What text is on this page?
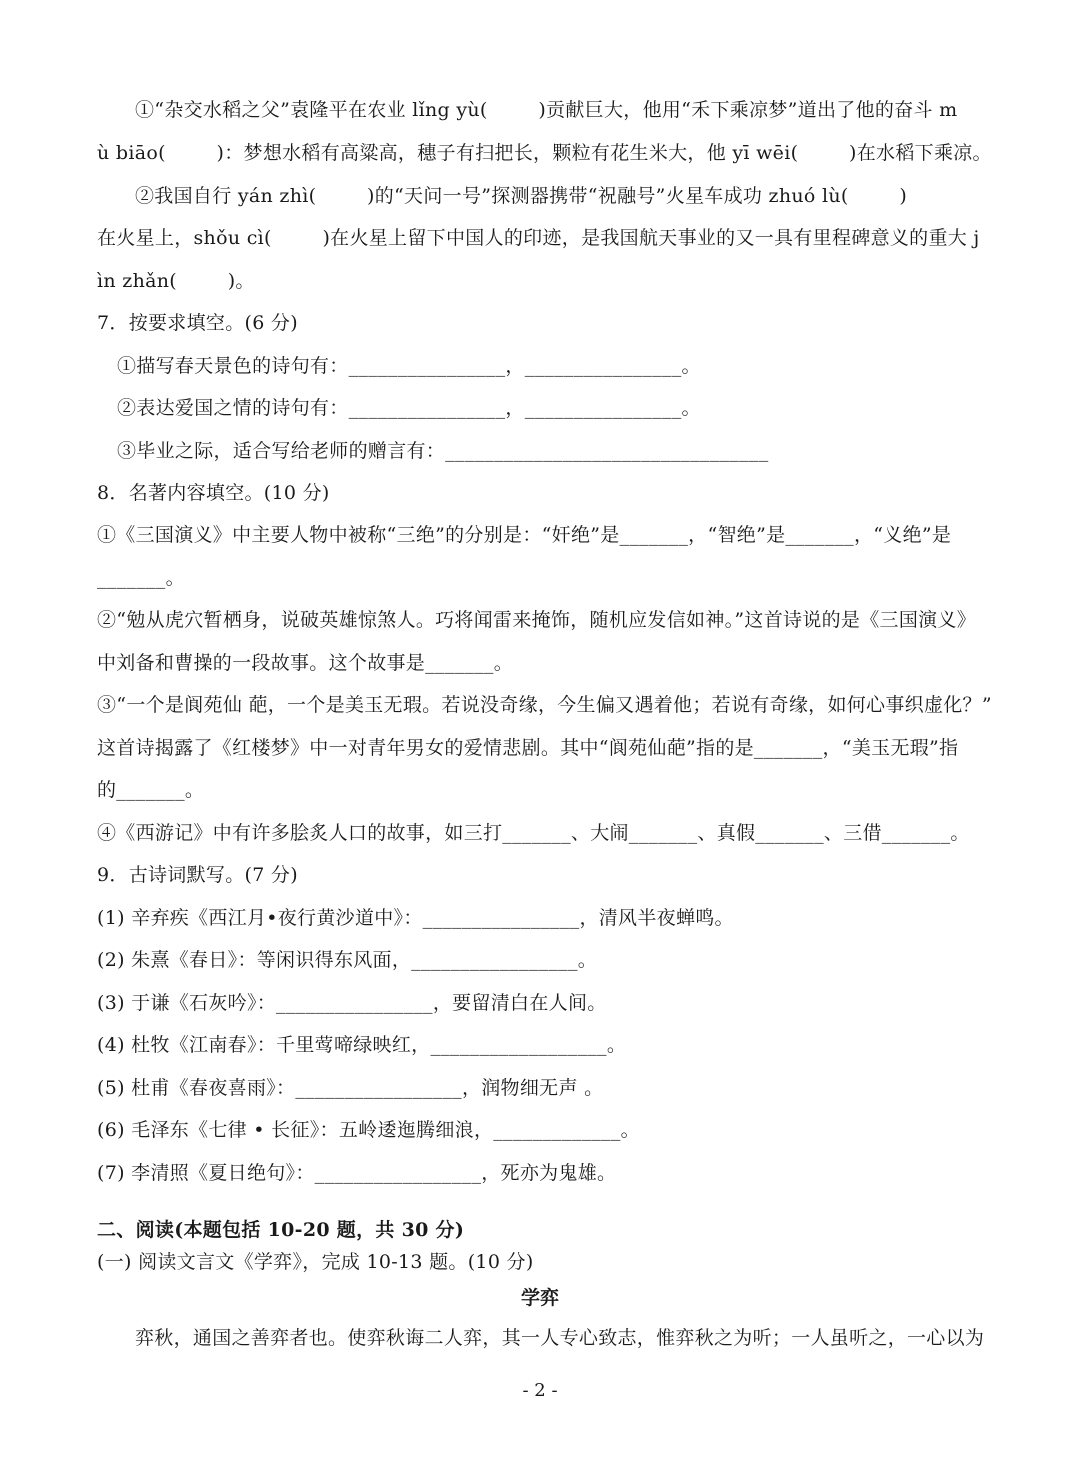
①“杂交水稻之父”袁隆平在农业 lǐng yù(        )贡献巨大，他用“禾下乘凉梦”道出了他的奋斗 m
ù biāo(        )：梦想水稻有高粱高，穗子有扫把长，颗粒有花生米大，他 yī wēi(        )在水稻下乘凉。
②我国自行 yán zhì(        )的“天问一号”探测器携带“祝融号”火星车成功 zhuó lù(        )
在火星上，shǒu cì(        )在火星上留下中国人的印迹，是我国航天事业的又一具有里程碑意义的重大 j
ìn zhǎn(        )。
7．按要求填空。(6 分)
①描写春天景色的诗句有：________________，________________。
②表达爱国之情的诗句有：________________，________________。
③毕业之际，适合写给老师的赠言有：_________________________________
8．名著内容填空。(10 分)
①《三国演义》中主要人物中被称“三绝”的分别是：“奸绝”是_______，“智绝”是_______，“义绝”是
_______。
②“勉从虎穴暂栖身，说破英雄惊煞人。巧将闻雷来掩饰，随机应发信如神。”这首诗说的是《三国演义》
中刘备和曹操的一段故事。这个故事是_______。
③“一个是阆苑仙 葩，一个是美玉无瑕。若说没奇缘，今生偏又遇着他；若说有奇缘，如何心事织虚化？”
这首诗揭露了《红楼梦》中一对青年男女的爱情悲剧。其中“阆苑仙葩”指的是_______，“美玉无瑕”指
的_______。
④《西游记》中有许多脍炙人口的故事，如三打_______、大闹_______、真假_______、三借_______。
9．古诗词默写。(7 分)
(1) 辛弃疾《西江月•夜行黄沙道中》：________________，清风半夜蝉鸣。
(2) 朱熹《春日》：等闲识得东风面，_________________。
(3) 于谦《石灰吟》：________________，要留清白在人间。
(4) 杜牧《江南春》：千里莺啼绿映红，__________________。
(5) 杜甫《春夜喜雨》：_________________，润物细无声 。
(6) 毛泽东《七律 • 长征》：五岭逶迤腾细浪，_____________。
(7) 李清照《夏日绝句》：_________________，死亦为鬼雄。
二、阅读(本题包括 10-20 题，共 30 分)
(一) 阅读文言文《学弈》，完成 10-13 题。(10 分)
学弈
弈秋，通国之善弈者也。使弈秋诲二人弈，其一人专心致志，惟弈秋之为听；一人虽听之，一心以为
- 2 -
